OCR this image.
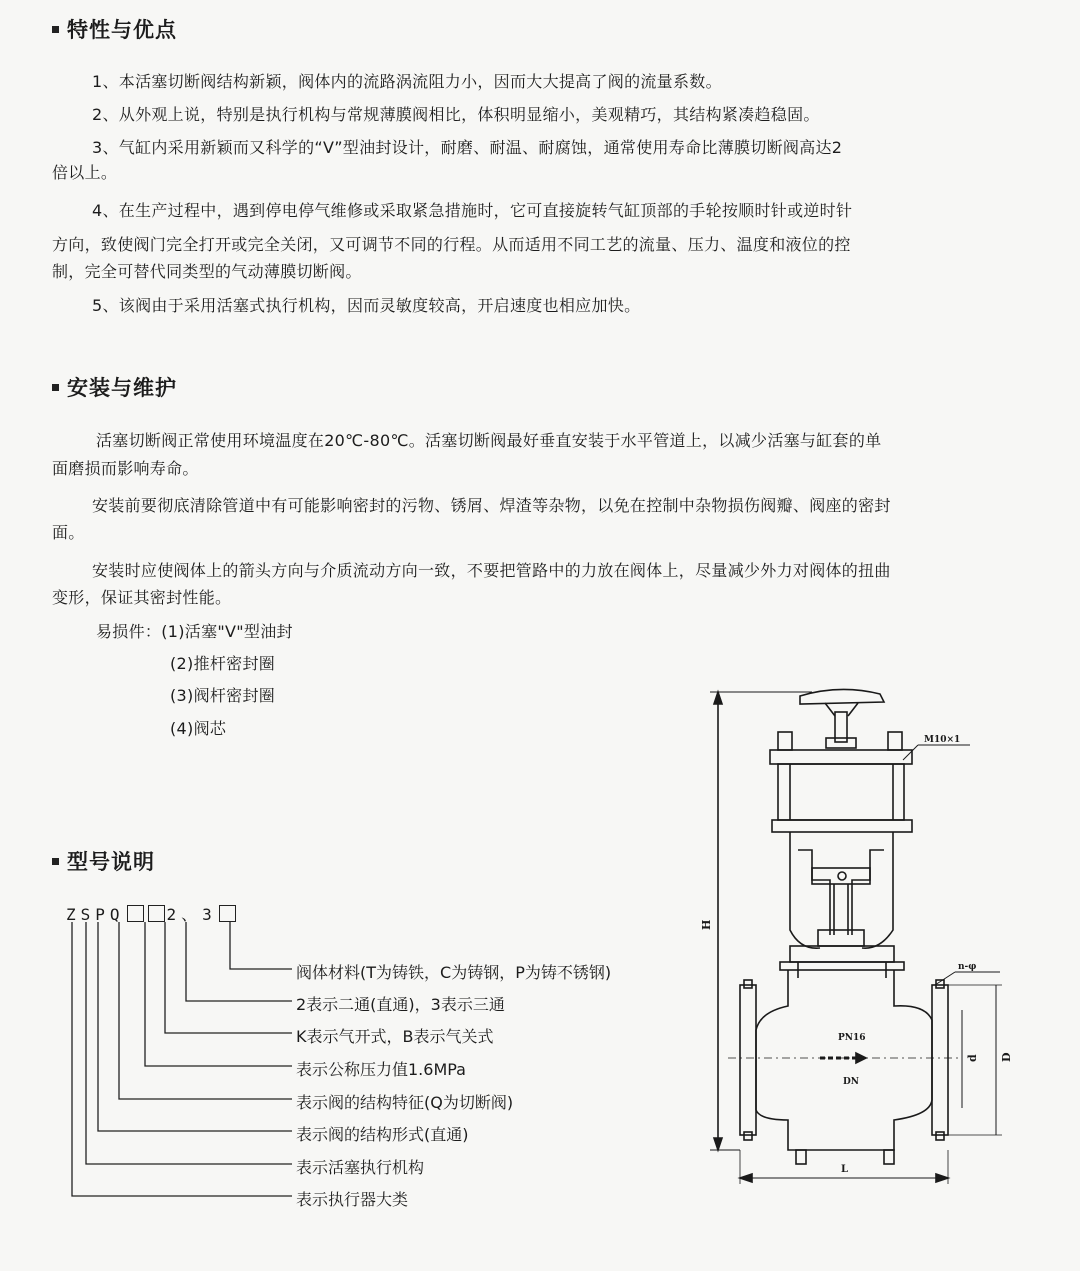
特性与优点
1、本活塞切断阀结构新颖，阀体内的流路涡流阻力小，因而大大提高了阀的流量系数。
2、从外观上说，特别是执行机构与常规薄膜阀相比，体积明显缩小，美观精巧，其结构紧凑趋稳固。
3、气缸内采用新颖而又科学的“V”型油封设计，耐磨、耐温、耐腐蚀，通常使用寿命比薄膜切断阀高达2
倍以上。
4、在生产过程中，遇到停电停气维修或采取紧急措施时，它可直接旋转气缸顶部的手轮按顺时针或逆时针
方向，致使阀门完全打开或完全关闭，又可调节不同的行程。从而适用不同工艺的流量、压力、温度和液位的控
制，完全可替代同类型的气动薄膜切断阀。
5、该阀由于采用活塞式执行机构，因而灵敏度较高，开启速度也相应加快。
安装与维护
活塞切断阀正常使用环境温度在20℃-80℃。活塞切断阀最好垂直安装于水平管道上，以减少活塞与缸套的单
面磨损而影响寿命。
安装前要彻底清除管道中有可能影响密封的污物、锈屑、焊渣等杂物，以免在控制中杂物损伤阀瓣、阀座的密封
面。
安装时应使阀体上的箭头方向与介质流动方向一致，不要把管路中的力放在阀体上，尽量减少外力对阀体的扭曲
变形，保证其密封性能。
易损件：(1)活塞"V"型油封
(2)推杆密封圈
(3)阀杆密封圈
(4)阀芯
型号说明
ZSPQ	2、3
阀体材料(T为铸铁，C为铸钢，P为铸不锈钢)
2表示二通(直通)，3表示三通
K表示气开式，B表示气关式
表示公称压力值1.6MPa
表示阀的结构特征(Q为切断阀)
表示阀的结构形式(直通)
表示活塞执行机构
表示执行器大类
M10×1
H
n-φ
PN16
DN
d D
L
